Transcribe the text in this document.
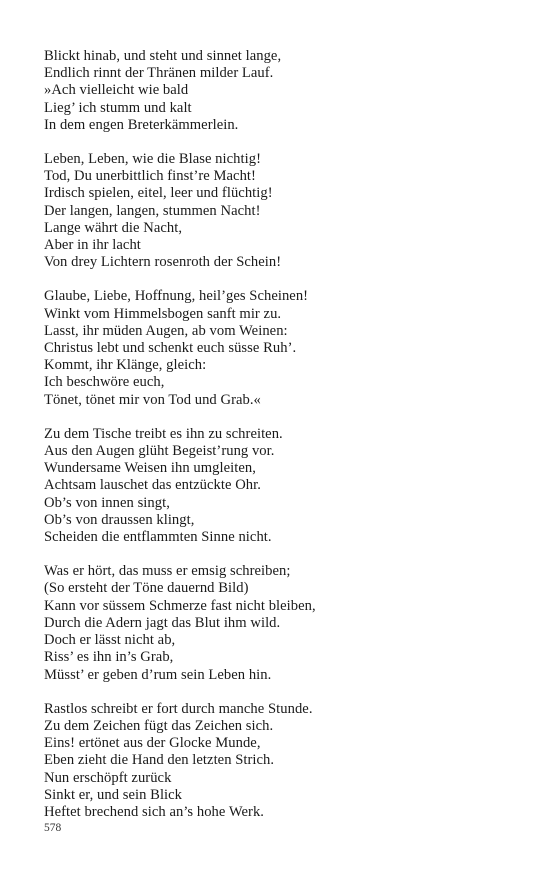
Blickt hinab, und steht und sinnet lange,
Endlich rinnt der Thränen milder Lauf.
»Ach vielleicht wie bald
Lieg’ ich stumm und kalt
In dem engen Breterkämmerlein.
Leben, Leben, wie die Blase nichtig!
Tod, Du unerbittlich finst’re Macht!
Irdisch spielen, eitel, leer und flüchtig!
Der langen, langen, stummen Nacht!
Lange währt die Nacht,
Aber in ihr lacht
Von drey Lichtern rosenroth der Schein!
Glaube, Liebe, Hoffnung, heil’ges Scheinen!
Winkt vom Himmelsbogen sanft mir zu.
Lasst, ihr müden Augen, ab vom Weinen:
Christus lebt und schenkt euch süsse Ruh’.
Kommt, ihr Klänge, gleich:
Ich beschwöre euch,
Tönet, tönet mir von Tod und Grab.«
Zu dem Tische treibt es ihn zu schreiten.
Aus den Augen glüht Begeist’rung vor.
Wundersame Weisen ihn umgleiten,
Achtsam lauschet das entzückte Ohr.
Ob’s von innen singt,
Ob’s von draussen klingt,
Scheiden die entflammten Sinne nicht.
Was er hört, das muss er emsig schreiben;
(So ersteht der Töne dauernd Bild)
Kann vor süssem Schmerze fast nicht bleiben,
Durch die Adern jagt das Blut ihm wild.
Doch er lässt nicht ab,
Riss’ es ihn in’s Grab,
Müsst’ er geben d’rum sein Leben hin.
Rastlos schreibt er fort durch manche Stunde.
Zu dem Zeichen fügt das Zeichen sich.
Eins! ertönet aus der Glocke Munde,
Eben zieht die Hand den letzten Strich.
Nun erschöpft zurück
Sinkt er, und sein Blick
Heftet brechend sich an’s hohe Werk.
578
